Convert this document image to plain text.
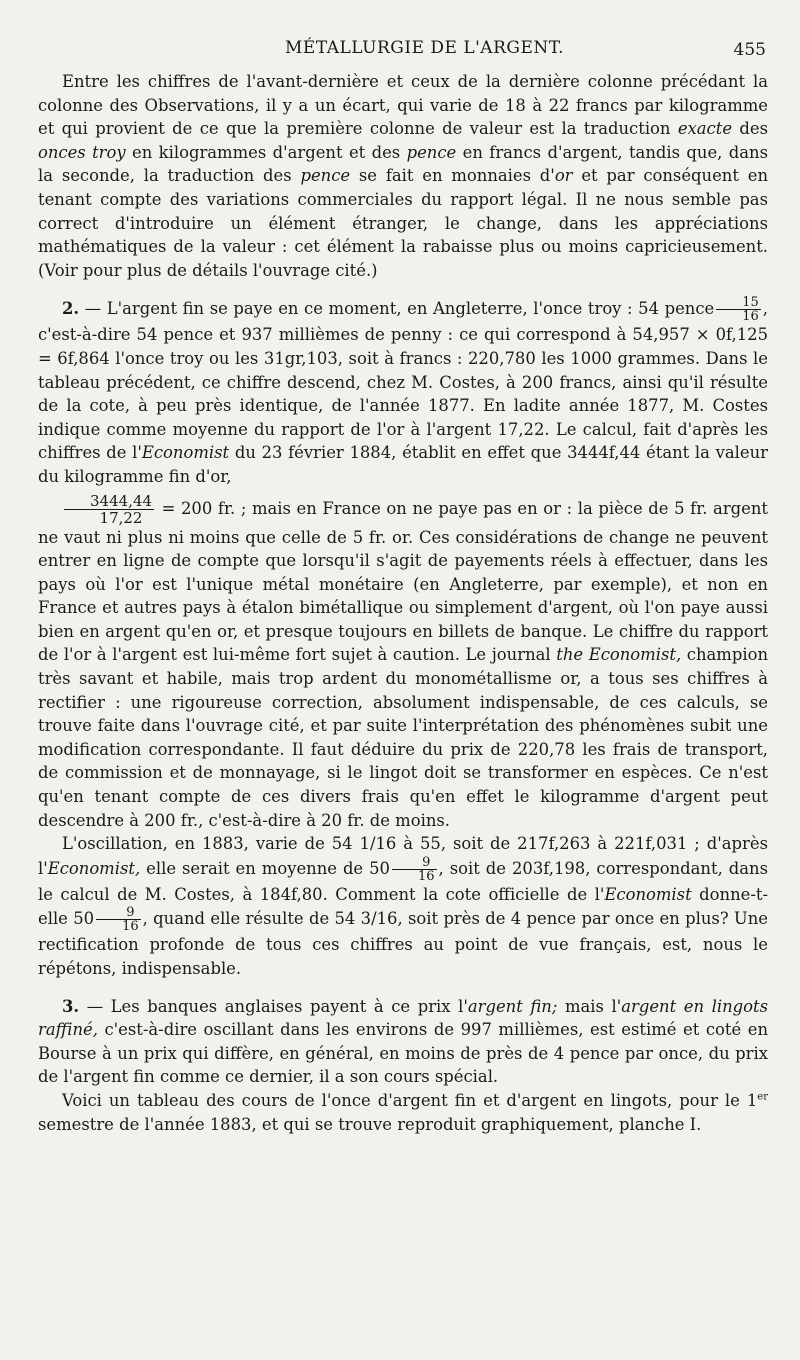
MÉTALLURGIE DE L'ARGENT.	455

Entre les chiffres de l'avant-dernière et ceux de la dernière colonne précédant la colonne des Observations, il y a un écart, qui varie de 18 à 22 francs par kilogramme et qui provient de ce que la première colonne de valeur est la traduction exacte des onces troy en kilogrammes d'argent et des pence en francs d'argent, tandis que, dans la seconde, la traduction des pence se fait en monnaies d'or et par conséquent en tenant compte des variations commerciales du rapport légal. Il ne nous semble pas correct d'introduire un élément étranger, le change, dans les appréciations mathématiques de la valeur : cet élément la rabaisse plus ou moins capricieusement. (Voir pour plus de détails l'ouvrage cité.)

2. — L'argent fin se paye en ce moment, en Angleterre, l'once troy : 54 pence $\frac{15}{16}$ , c'est-à-dire 54 pence et 937 millièmes de penny : ce qui correspond à 54,957 × 0f,125 = 6f,864 l'once troy ou les 31gr,103, soit à francs : 220,780 les 1000 grammes. Dans le tableau précédent, ce chiffre descend, chez M. Costes, à 200 francs, ainsi qu'il résulte de la cote, à peu près identique, de l'année 1877. En ladite année 1877, M. Costes indique comme moyenne du rapport de l'or à l'argent 17,22. Le calcul, fait d'après les chiffres de l'Economist du 23 février 1884, établit en effet que 3444f,44 étant la valeur du kilogramme fin d'or,
$\frac{3444,44}{17,22} = 200$ fr. ; mais en France on ne paye pas en or : la pièce de 5 fr. argent ne vaut ni plus ni moins que celle de 5 fr. or. Ces considérations de change ne peuvent entrer en ligne de compte que lorsqu'il s'agit de payements réels à effectuer, dans les pays où l'or est l'unique métal monétaire (en Angleterre, par exemple), et non en France et autres pays à étalon bimétallique ou simplement d'argent, où l'on paye aussi bien en argent qu'en or, et presque toujours en billets de banque. Le chiffre du rapport de l'or à l'argent est lui-même fort sujet à caution. Le journal the Economist, champion très savant et habile, mais trop ardent du monométallisme or, a tous ses chiffres à rectifier : une rigoureuse correction, absolument indispensable, de ces calculs, se trouve faite dans l'ouvrage cité, et par suite l'interprétation des phénomènes subit une modification correspondante. Il faut déduire du prix de 220,78 les frais de transport, de commission et de monnayage, si le lingot doit se transformer en espèces. Ce n'est qu'en tenant compte de ces divers frais qu'en effet le kilogramme d'argent peut descendre à 200 fr., c'est-à-dire à 20 fr. de moins.

L'oscillation, en 1883, varie de 54 1/16 à 55, soit de 217f,263 à 221f,031 ; d'après l'Economist, elle serait en moyenne de $50 \frac{9}{16}$ , soit de 203f,198, correspondant, dans le calcul de M. Costes, à 184f,80. Comment la cote officielle de l'Economist donne-t-elle $50 \frac{9}{16}$ , quand elle résulte de 54 3/16, soit près de 4 pence par once en plus? Une rectification profonde de tous ces chiffres au point de vue français, est, nous le répétons, indispensable.

3. — Les banques anglaises payent à ce prix l'argent fin; mais l'argent en lingots raffiné, c'est-à-dire oscillant dans les environs de 997 millièmes, est estimé et coté en Bourse à un prix qui diffère, en général, en moins de près de 4 pence par once, du prix de l'argent fin comme ce dernier, il a son cours spécial.

Voici un tableau des cours de l'once d'argent fin et d'argent en lingots, pour le 1er semestre de l'année 1883, et qui se trouve reproduit graphiquement, planche I.
